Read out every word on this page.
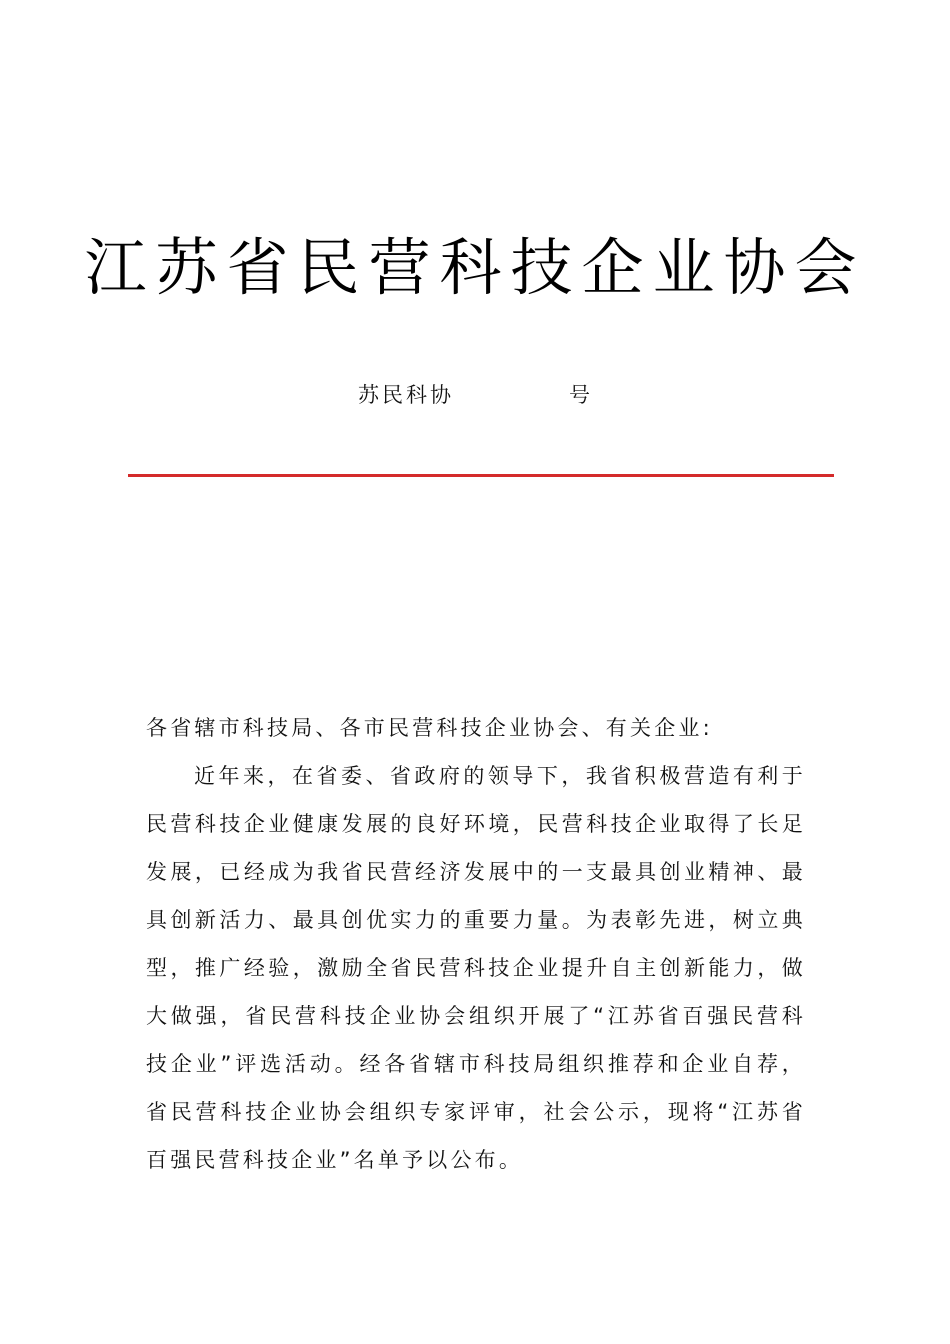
江苏省民营科技企业协会
苏民科协	号

各省辖市科技局、各市民营科技企业协会、有关企业:

近年来，在省委、省政府的领导下，我省积极营造有利于民营科技企业健康发展的良好环境，民营科技企业取得了长足发展，已经成为我省民营经济发展中的一支最具创业精神、最具创新活力、最具创优实力的重要力量。为表彰先进，树立典型，推广经验，激励全省民营科技企业提升自主创新能力，做大做强，省民营科技企业协会组织开展了“江苏省百强民营科技企业”评选活动。经各省辖市科技局组织推荐和企业自荐，省民营科技企业协会组织专家评审，社会公示，现将“江苏省百强民营科技企业”名单予以公布。
